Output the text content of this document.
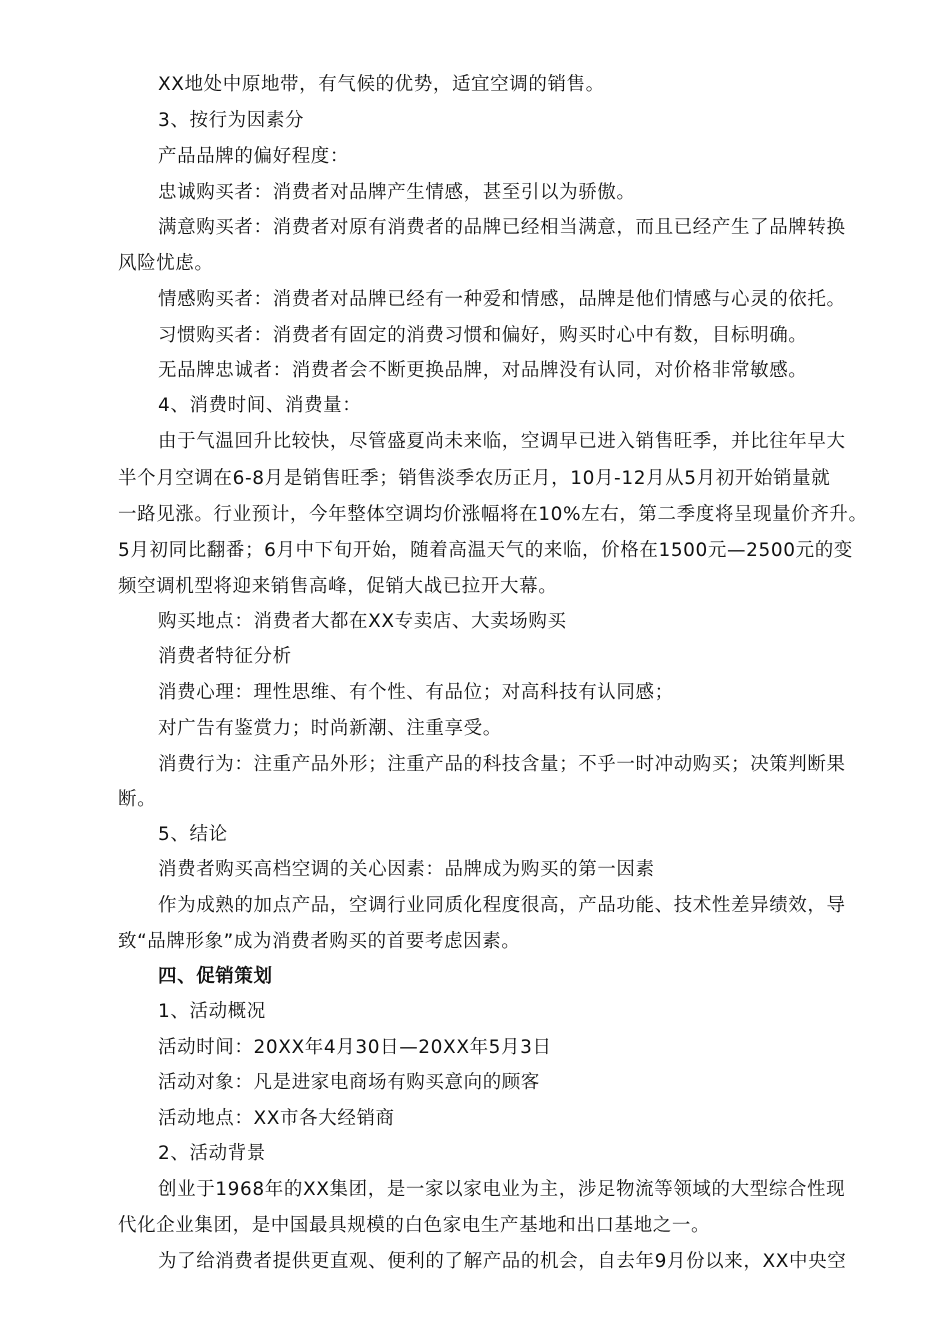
XX地处中原地带，有气候的优势，适宜空调的销售。
3、按行为因素分
产品品牌的偏好程度：
忠诚购买者：消费者对品牌产生情感，甚至引以为骄傲。
满意购买者：消费者对原有消费者的品牌已经相当满意，而且已经产生了品牌转换
风险忧虑。
情感购买者：消费者对品牌已经有一种爱和情感，品牌是他们情感与心灵的依托。
习惯购买者：消费者有固定的消费习惯和偏好，购买时心中有数，目标明确。
无品牌忠诚者：消费者会不断更换品牌，对品牌没有认同，对价格非常敏感。
4、消费时间、消费量：
由于气温回升比较快，尽管盛夏尚未来临，空调早已进入销售旺季，并比往年早大
半个月空调在6-8月是销售旺季；销售淡季农历正月，10月-12月从5月初开始销量就
一路见涨。行业预计，今年整体空调均价涨幅将在10%左右，第二季度将呈现量价齐升。
5月初同比翻番；6月中下旬开始，随着高温天气的来临，价格在1500元—2500元的变
频空调机型将迎来销售高峰，促销大战已拉开大幕。
购买地点：消费者大都在XX专卖店、大卖场购买
消费者特征分析
消费心理：理性思维、有个性、有品位；对高科技有认同感；
对广告有鉴赏力；时尚新潮、注重享受。
消费行为：注重产品外形；注重产品的科技含量；不乎一时冲动购买；决策判断果
断。
5、结论
消费者购买高档空调的关心因素：品牌成为购买的第一因素
作为成熟的加点产品，空调行业同质化程度很高，产品功能、技术性差异绩效，导
致“品牌形象”成为消费者购买的首要考虑因素。
四、促销策划
1、活动概况
活动时间：20XX年4月30日—20XX年5月3日
活动对象：凡是进家电商场有购买意向的顾客
活动地点：XX市各大经销商
2、活动背景
创业于1968年的XX集团，是一家以家电业为主，涉足物流等领域的大型综合性现
代化企业集团，是中国最具规模的白色家电生产基地和出口基地之一。
为了给消费者提供更直观、便利的了解产品的机会，自去年9月份以来，XX中央空
